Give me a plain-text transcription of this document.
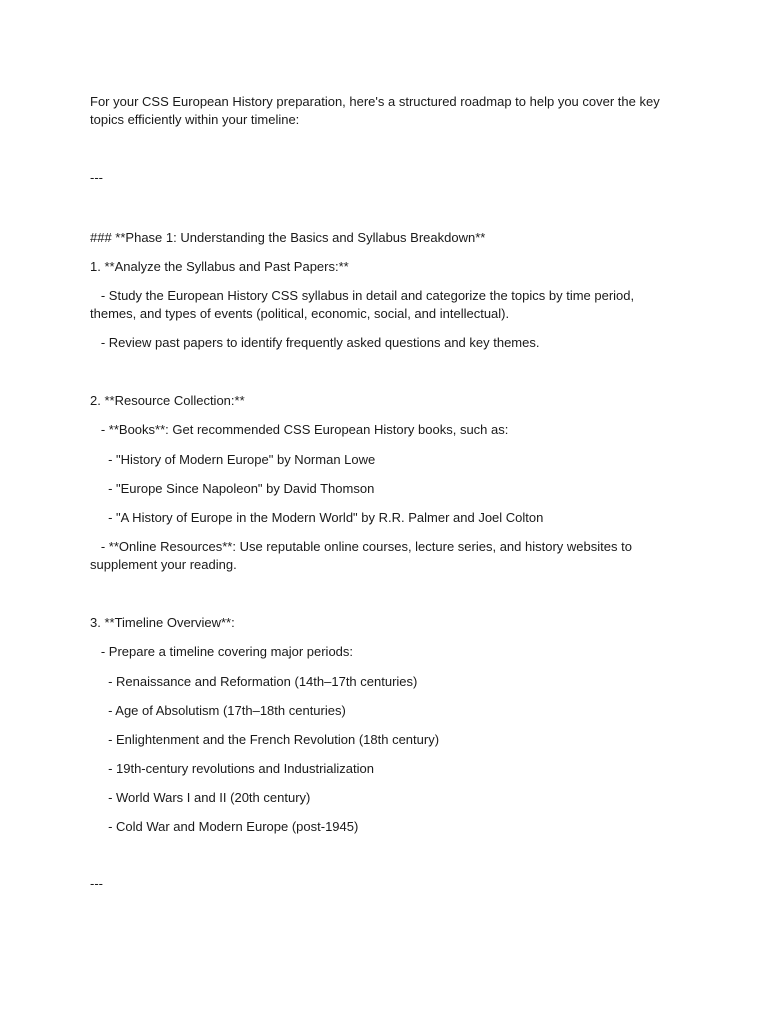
For your CSS European History preparation, here's a structured roadmap to help you cover the key topics efficiently within your timeline:

---

### **Phase 1: Understanding the Basics and Syllabus Breakdown**

1. **Analyze the Syllabus and Past Papers:**

- Study the European History CSS syllabus in detail and categorize the topics by time period, themes, and types of events (political, economic, social, and intellectual).

- Review past papers to identify frequently asked questions and key themes.

2. **Resource Collection:**

- **Books**: Get recommended CSS European History books, such as:

- "History of Modern Europe" by Norman Lowe

- "Europe Since Napoleon" by David Thomson

- "A History of Europe in the Modern World" by R.R. Palmer and Joel Colton

- **Online Resources**: Use reputable online courses, lecture series, and history websites to supplement your reading.

3. **Timeline Overview**:

- Prepare a timeline covering major periods:

- Renaissance and Reformation (14th–17th centuries)

- Age of Absolutism (17th–18th centuries)

- Enlightenment and the French Revolution (18th century)

- 19th-century revolutions and Industrialization

- World Wars I and II (20th century)

- Cold War and Modern Europe (post-1945)

---
